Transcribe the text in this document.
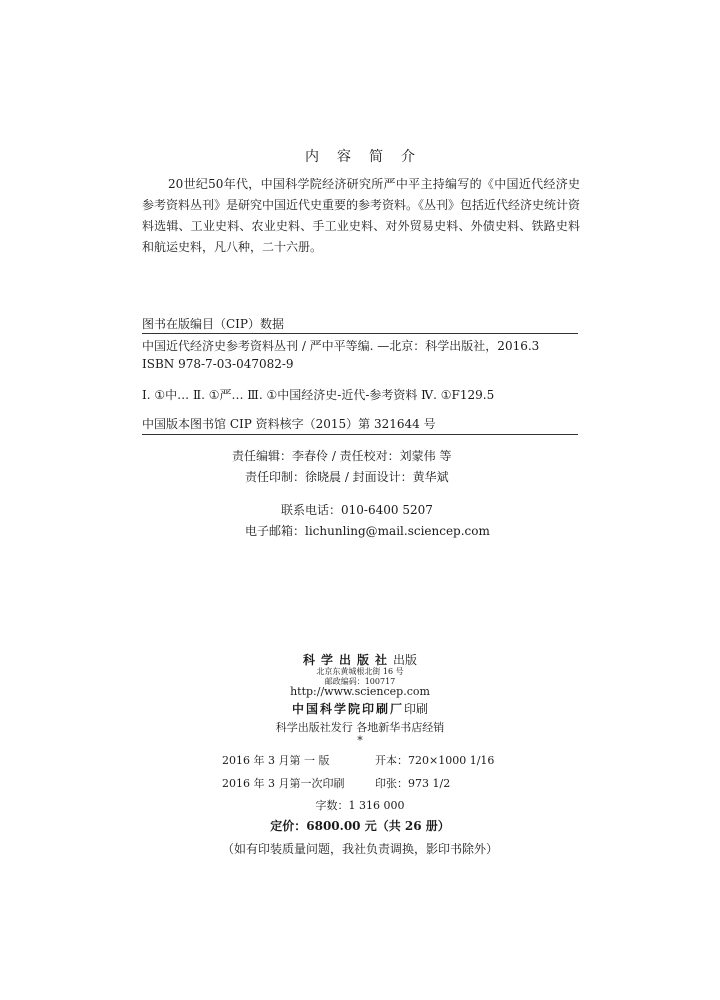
内容简介

20世纪50年代，中国科学院经济研究所严中平主持编写的《中国近代经济史参考资料丛刊》是研究中国近代史重要的参考资料。《丛刊》包括近代经济史统计资料选辑、工业史料、农业史料、手工业史料、对外贸易史料、外债史料、铁路史料和航运史料，凡八种，二十六册。

图书在版编目（CIP）数据
中国近代经济史参考资料丛刊 / 严中平等编. —北京：科学出版社，2016.3
ISBN 978-7-03-047082-9
Ⅰ. ①中… Ⅱ. ①严… Ⅲ. ①中国经济史-近代-参考资料 Ⅳ. ①F129.5
中国版本图书馆 CIP 资料核字（2015）第 321644 号
责任编辑：李春伶 / 责任校对：刘蒙伟 等
责任印制：徐晓晨 / 封面设计：黄华斌
联系电话：010-6400 5207
电子邮箱：lichunling@mail.sciencep.com
科学出版社出版
北京东黄城根北街 16 号
邮政编码：100717
http://www.sciencep.com
中国科学院印刷厂印刷
科学出版社发行 各地新华书店经销
*
2016 年 3 月第 一 版	开本：720×1000 1/16
2016 年 3 月第一次印刷	印张：973 1/2
字数：1 316 000
定价：6800.00 元（共 26 册）
（如有印装质量问题，我社负责调换，影印书除外）
